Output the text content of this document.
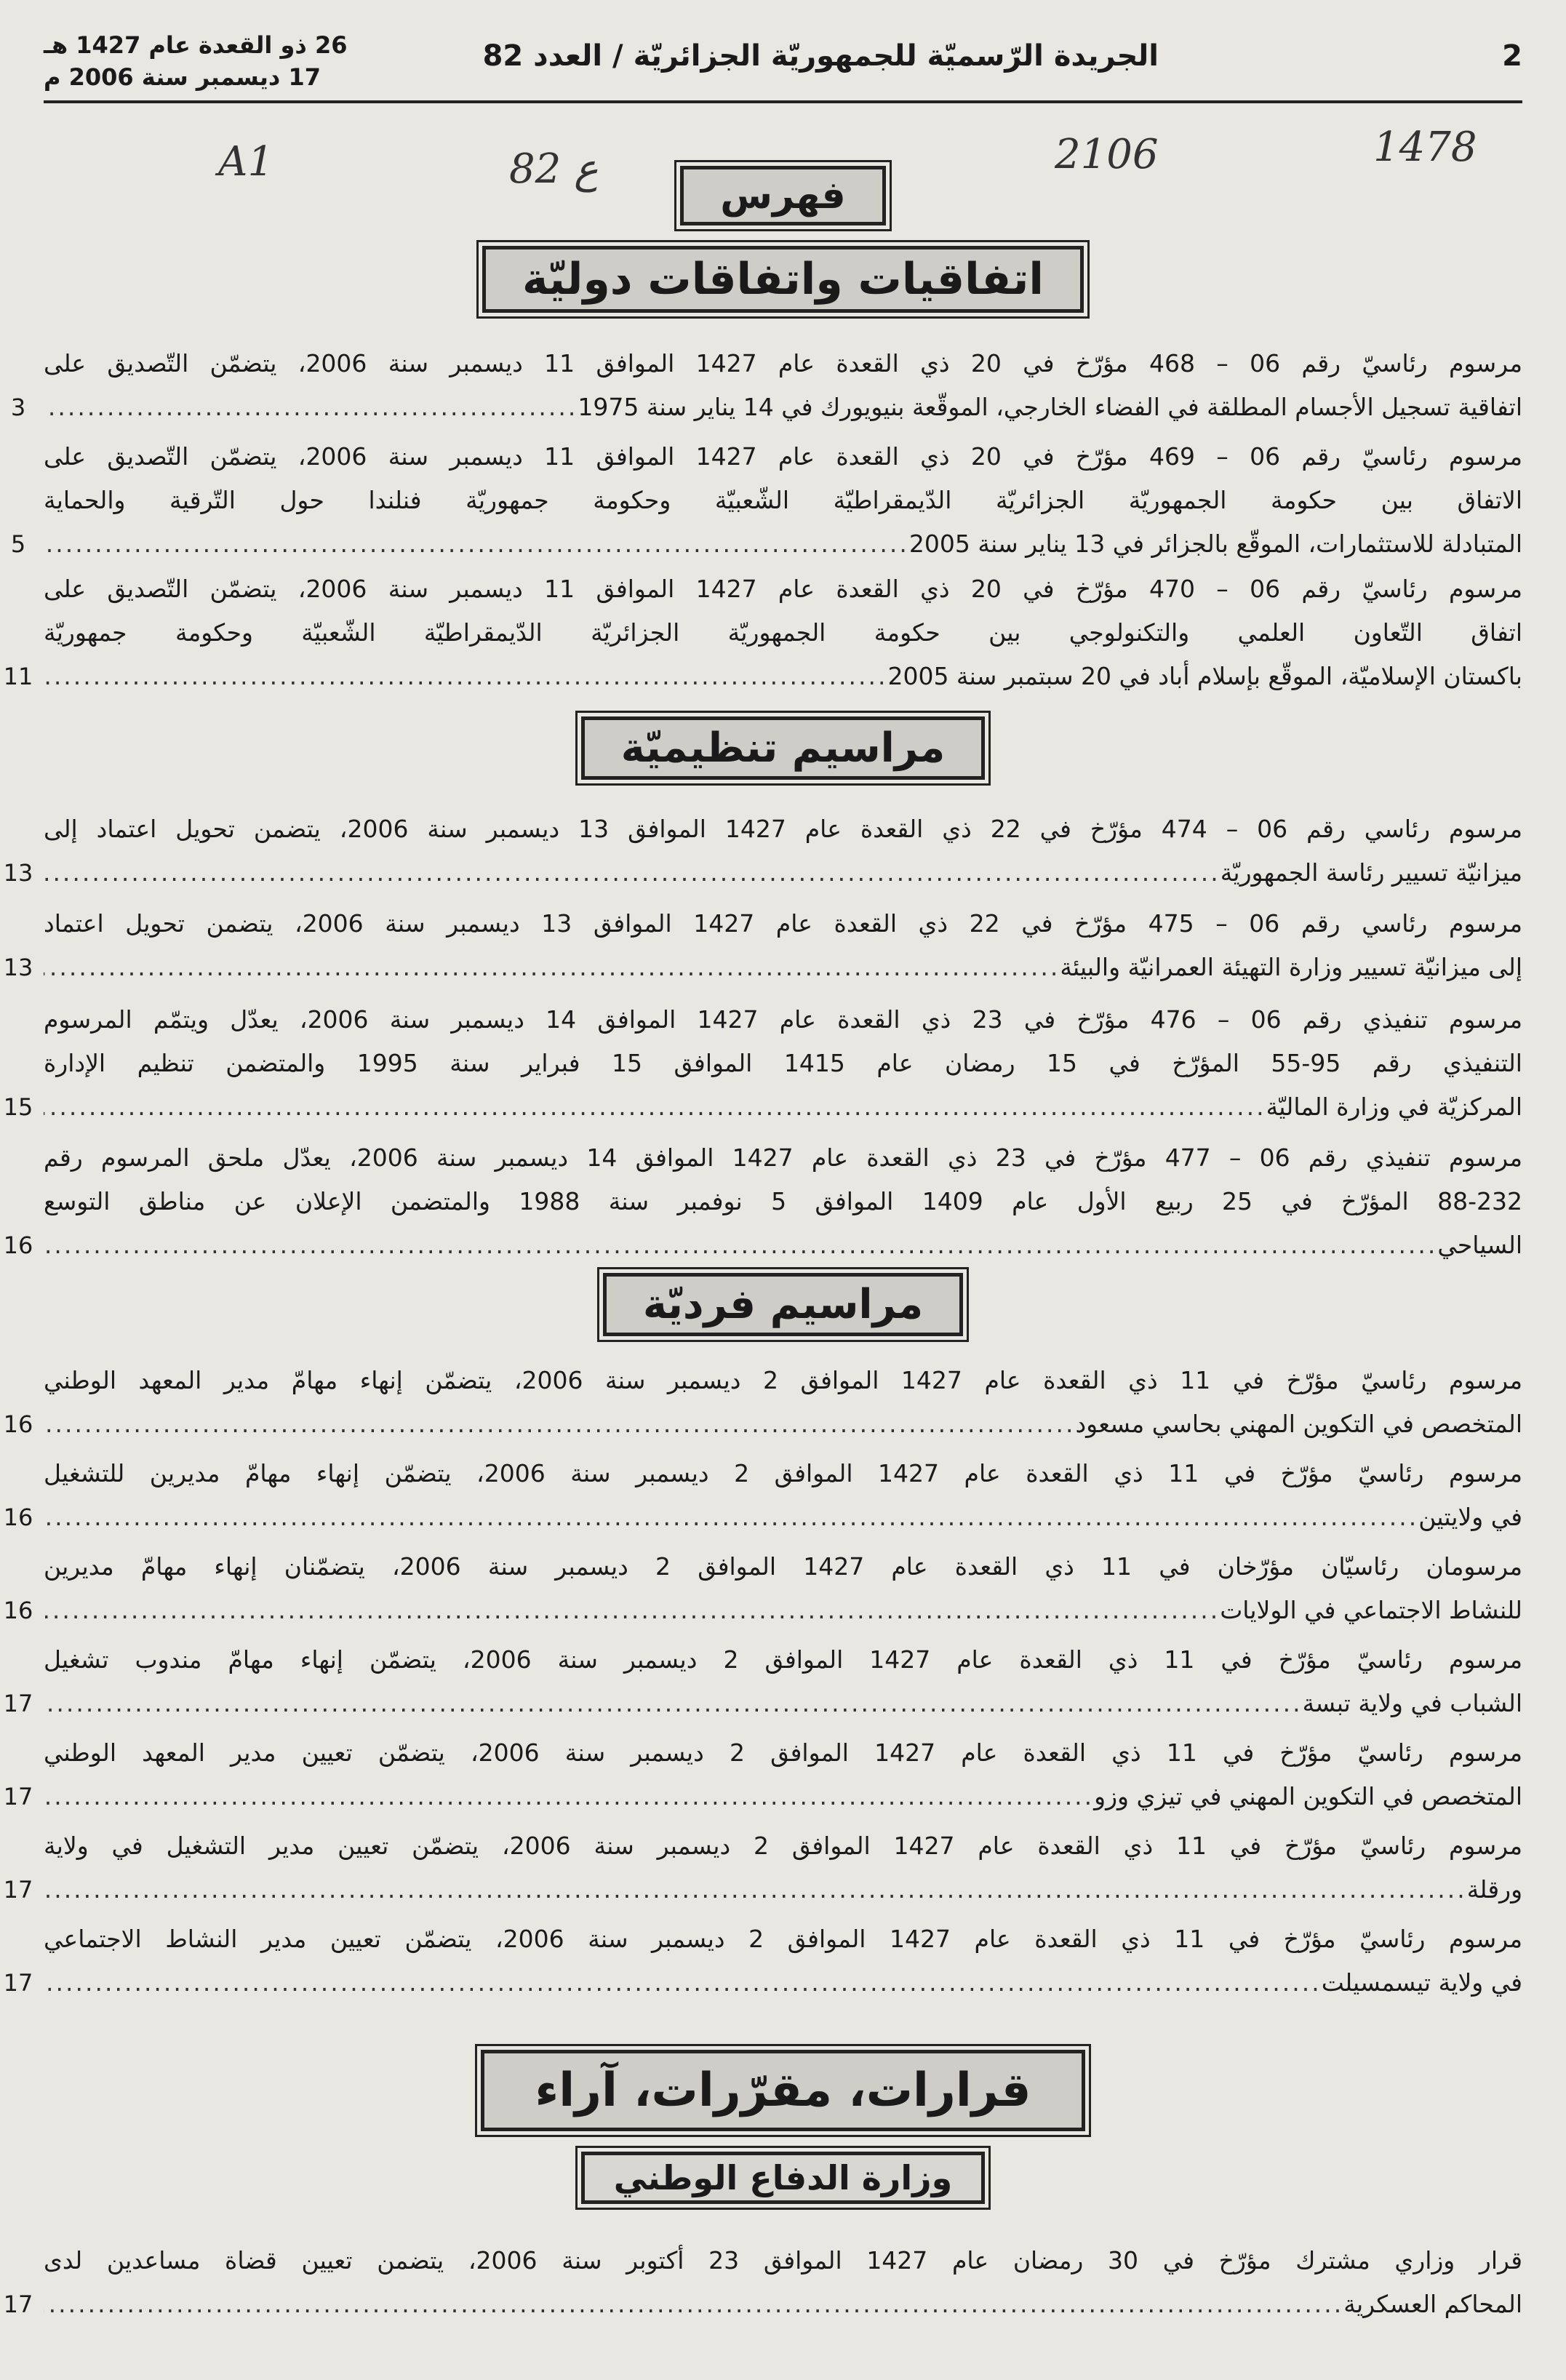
2
الجريدة الرّسميّة للجمهوريّة الجزائريّة / العدد 82
26 ذو القعدة عام 1427 هـ
17 ديسمبر سنة 2006 م
1478
2106
82 ع
A1
فهرس
اتفاقيات واتفاقات دوليّة

مرسوم رئاسيّ رقم 06 – 468 مؤرّخ في 20 ذي القعدة عام 1427 الموافق 11 ديسمبر سنة 2006، يتضمّن التّصديق على

اتفاقية تسجيل الأجسام المطلقة في الفضاء الخارجي، الموقّعة بنيويورك في 14 يناير سنة 1975
.....

3

مرسوم رئاسيّ رقم 06 – 469 مؤرّخ في 20 ذي القعدة عام 1427 الموافق 11 ديسمبر سنة 2006، يتضمّن التّصديق على

الاتفاق بين حكومة الجمهوريّة الجزائريّة الدّيمقراطيّة الشّعبيّة وحكومة جمهوريّة فنلندا حول التّرقية والحماية

المتبادلة للاستثمارات، الموقّع بالجزائر في 13 يناير سنة 2005
.....

5

مرسوم رئاسيّ رقم 06 – 470 مؤرّخ في 20 ذي القعدة عام 1427 الموافق 11 ديسمبر سنة 2006، يتضمّن التّصديق على

اتفاق التّعاون العلمي والتكنولوجي بين حكومة الجمهوريّة الجزائريّة الدّيمقراطيّة الشّعبيّة وحكومة جمهوريّة

باكستان الإسلاميّة، الموقّع بإسلام أباد في 20 سبتمبر سنة 2005
.....

11
مراسيم تنظيميّة

مرسوم رئاسي رقم 06 – 474 مؤرّخ في 22 ذي القعدة عام 1427 الموافق 13 ديسمبر سنة 2006، يتضمن تحويل اعتماد إلى

ميزانيّة تسيير رئاسة الجمهوريّة
.....

13

مرسوم رئاسي رقم 06 – 475 مؤرّخ في 22 ذي القعدة عام 1427 الموافق 13 ديسمبر سنة 2006، يتضمن تحويل اعتماد

إلى ميزانيّة تسيير وزارة التهيئة العمرانيّة والبيئة
.....

13

مرسوم تنفيذي رقم 06 – 476 مؤرّخ في 23 ذي القعدة عام 1427 الموافق 14 ديسمبر سنة 2006، يعدّل ويتمّم المرسوم

التنفيذي رقم 95-55 المؤرّخ في 15 رمضان عام 1415 الموافق 15 فبراير سنة 1995 والمتضمن تنظيم الإدارة

المركزيّة في وزارة الماليّة
.....

15

مرسوم تنفيذي رقم 06 – 477 مؤرّخ في 23 ذي القعدة عام 1427 الموافق 14 ديسمبر سنة 2006، يعدّل ملحق المرسوم رقم

88-232 المؤرّخ في 25 ربيع الأول عام 1409 الموافق 5 نوفمبر سنة 1988 والمتضمن الإعلان عن مناطق التوسع

السياحي
.....

16
مراسيم فرديّة

مرسوم رئاسيّ مؤرّخ في 11 ذي القعدة عام 1427 الموافق 2 ديسمبر سنة 2006، يتضمّن إنهاء مهامّ مدير المعهد الوطني

المتخصص في التكوين المهني بحاسي مسعود
.....

16

مرسوم رئاسيّ مؤرّخ في 11 ذي القعدة عام 1427 الموافق 2 ديسمبر سنة 2006، يتضمّن إنهاء مهامّ مديرين للتشغيل

في ولايتين
.....

16

مرسومان رئاسيّان مؤرّخان في 11 ذي القعدة عام 1427 الموافق 2 ديسمبر سنة 2006، يتضمّنان إنهاء مهامّ مديرين

للنشاط الاجتماعي في الولايات
.....

16

مرسوم رئاسيّ مؤرّخ في 11 ذي القعدة عام 1427 الموافق 2 ديسمبر سنة 2006، يتضمّن إنهاء مهامّ مندوب تشغيل

الشباب في ولاية تبسة
.....

17

مرسوم رئاسيّ مؤرّخ في 11 ذي القعدة عام 1427 الموافق 2 ديسمبر سنة 2006، يتضمّن تعيين مدير المعهد الوطني

المتخصص في التكوين المهني في تيزي وزو
.....

17

مرسوم رئاسيّ مؤرّخ في 11 ذي القعدة عام 1427 الموافق 2 ديسمبر سنة 2006، يتضمّن تعيين مدير التشغيل في ولاية

ورقلة
.....

17

مرسوم رئاسيّ مؤرّخ في 11 ذي القعدة عام 1427 الموافق 2 ديسمبر سنة 2006، يتضمّن تعيين مدير النشاط الاجتماعي

في ولاية تيسمسيلت
.....

17
قرارات، مقرّرات، آراء
وزارة الدفاع الوطني

قرار وزاري مشترك مؤرّخ في 30 رمضان عام 1427 الموافق 23 أكتوبر سنة 2006، يتضمن تعيين قضاة مساعدين لدى

المحاكم العسكرية
.....

17
